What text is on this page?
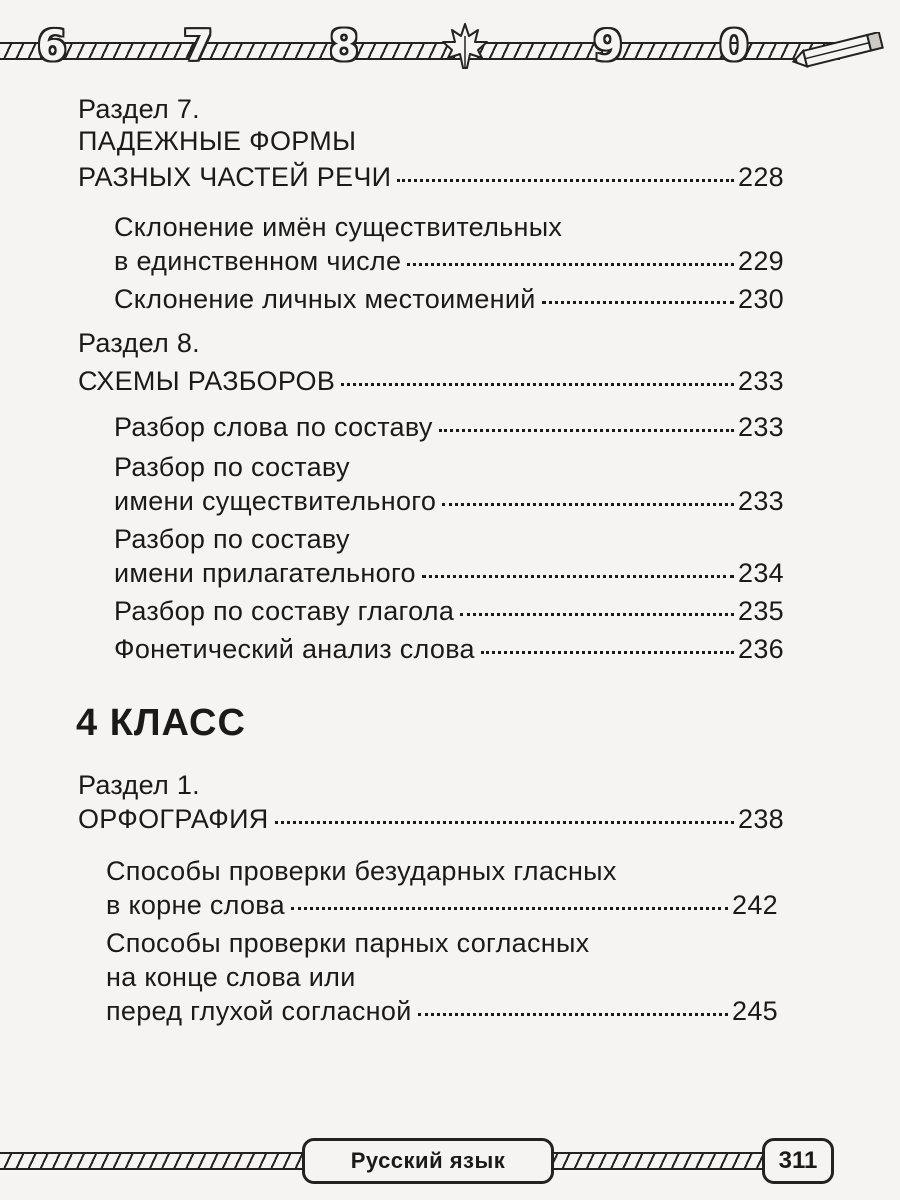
6	7	8	9 0
Раздел 7.
ПАДЕЖНЫЕ ФОРМЫ
РАЗНЫХ ЧАСТЕЙ РЕЧИ	228
Склонение имён существительных
в единственном числе	229
Склонение личных местоимений	230
Раздел 8.
СХЕМЫ РАЗБОРОВ	233
Разбор слова по составу	233
Разбор по составу
имени существительного	233
Разбор по составу
имени прилагательного	234
Разбор по составу глагола	235
Фонетический анализ слова	236
4 КЛАСС
Раздел 1.
ОРФОГРАФИЯ	238
Способы проверки безударных гласных
в корне слова	242
Способы проверки парных согласных
на конце слова или
перед глухой согласной	245
Русский язык	311
